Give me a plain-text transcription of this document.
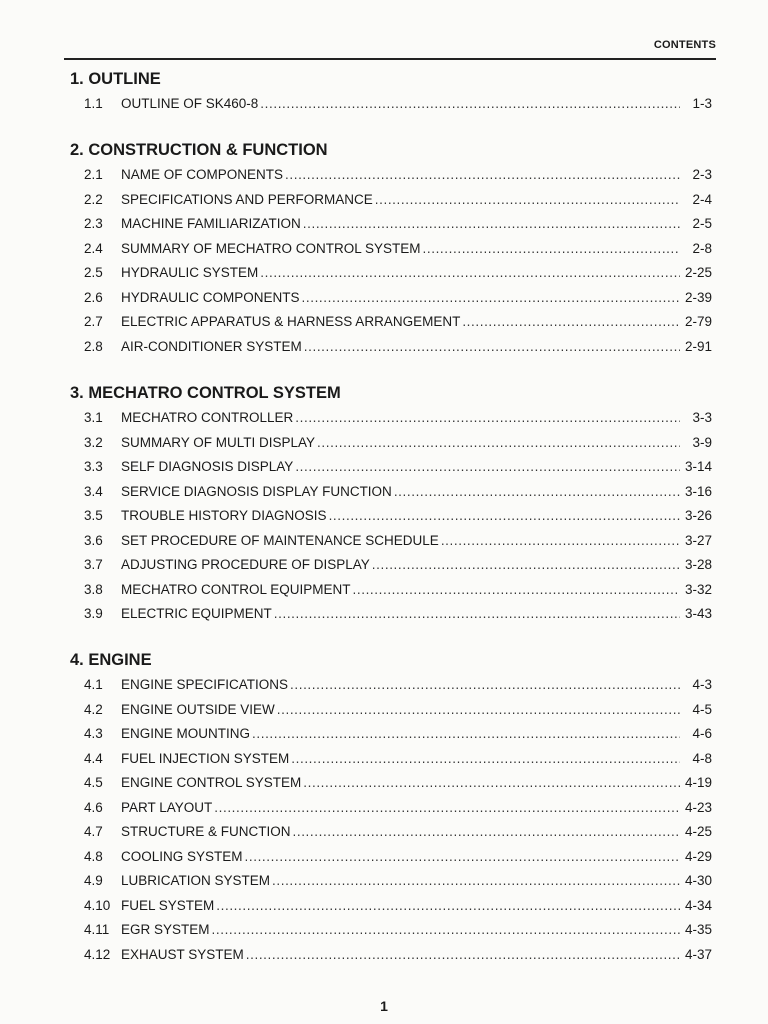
CONTENTS
1. OUTLINE
1.1	OUTLINE OF SK460-8 .....	1-3
2. CONSTRUCTION & FUNCTION
2.1	NAME OF COMPONENTS .....	2-3
2.2	SPECIFICATIONS AND PERFORMANCE .....	2-4
2.3	MACHINE FAMILIARIZATION .....	2-5
2.4	SUMMARY OF MECHATRO CONTROL SYSTEM .....	2-8
2.5	HYDRAULIC SYSTEM .....	2-25
2.6	HYDRAULIC COMPONENTS .....	2-39
2.7	ELECTRIC APPARATUS & HARNESS ARRANGEMENT .....	2-79
2.8	AIR-CONDITIONER SYSTEM .....	2-91
3. MECHATRO CONTROL SYSTEM
3.1	MECHATRO CONTROLLER .....	3-3
3.2	SUMMARY OF MULTI DISPLAY .....	3-9
3.3	SELF DIAGNOSIS DISPLAY .....	3-14
3.4	SERVICE DIAGNOSIS DISPLAY FUNCTION .....	3-16
3.5	TROUBLE HISTORY DIAGNOSIS .....	3-26
3.6	SET PROCEDURE OF MAINTENANCE SCHEDULE .....	3-27
3.7	ADJUSTING PROCEDURE OF DISPLAY .....	3-28
3.8	MECHATRO CONTROL EQUIPMENT .....	3-32
3.9	ELECTRIC EQUIPMENT .....	3-43
4. ENGINE
4.1	ENGINE SPECIFICATIONS .....	4-3
4.2	ENGINE OUTSIDE VIEW .....	4-5
4.3	ENGINE MOUNTING .....	4-6
4.4	FUEL INJECTION SYSTEM .....	4-8
4.5	ENGINE CONTROL SYSTEM .....	4-19
4.6	PART LAYOUT .....	4-23
4.7	STRUCTURE & FUNCTION .....	4-25
4.8	COOLING SYSTEM .....	4-29
4.9	LUBRICATION SYSTEM .....	4-30
4.10 FUEL SYSTEM .....	4-34
4.11 EGR SYSTEM .....	4-35
4.12 EXHAUST SYSTEM .....	4-37
1
